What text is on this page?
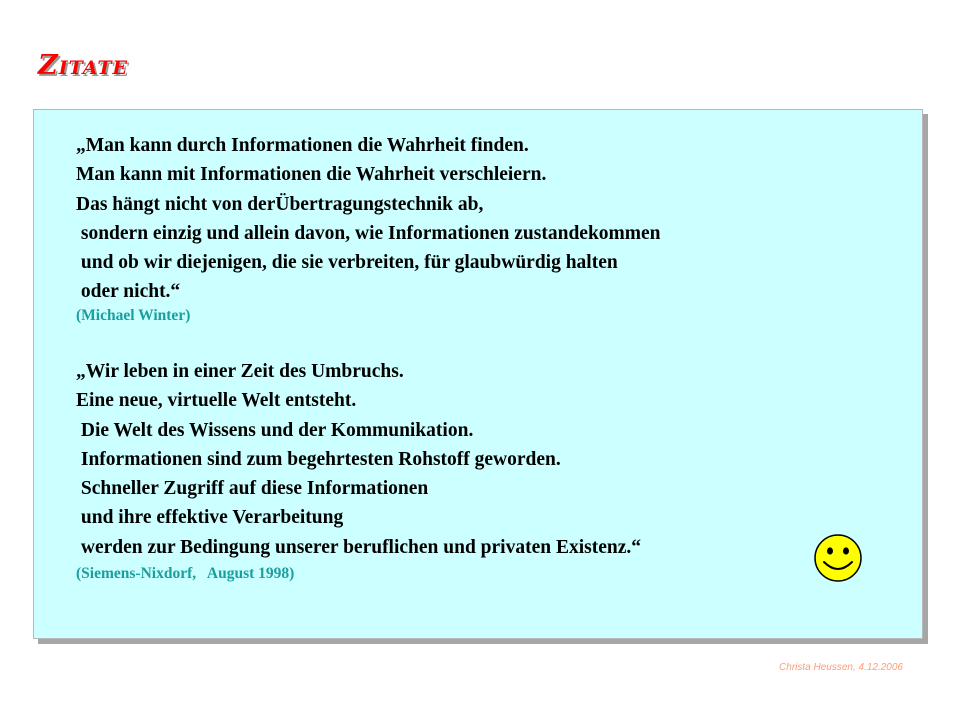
Zitate

„Man kann durch Informationen die Wahrheit finden.
Man kann mit Informationen die Wahrheit verschleiern.
Das hängt nicht von derÜbertragungstechnik ab,
sondern einzig und allein davon, wie Informationen zustandekommen
und ob wir diejenigen, die sie verbreiten, für glaubwürdig halten
oder nicht.“

(Michael Winter)

„Wir leben in einer Zeit des Umbruchs.
Eine neue, virtuelle Welt entsteht.
Die Welt des Wissens und der Kommunikation.
Informationen sind zum begehrtesten Rohstoff geworden.
Schneller Zugriff auf diese Informationen
und ihre effektive Verarbeitung
werden zur Bedingung unserer beruflichen und privaten Existenz.“

(Siemens-Nixdorf,   August 1998)

Christa Heussen, 4.12.2006
